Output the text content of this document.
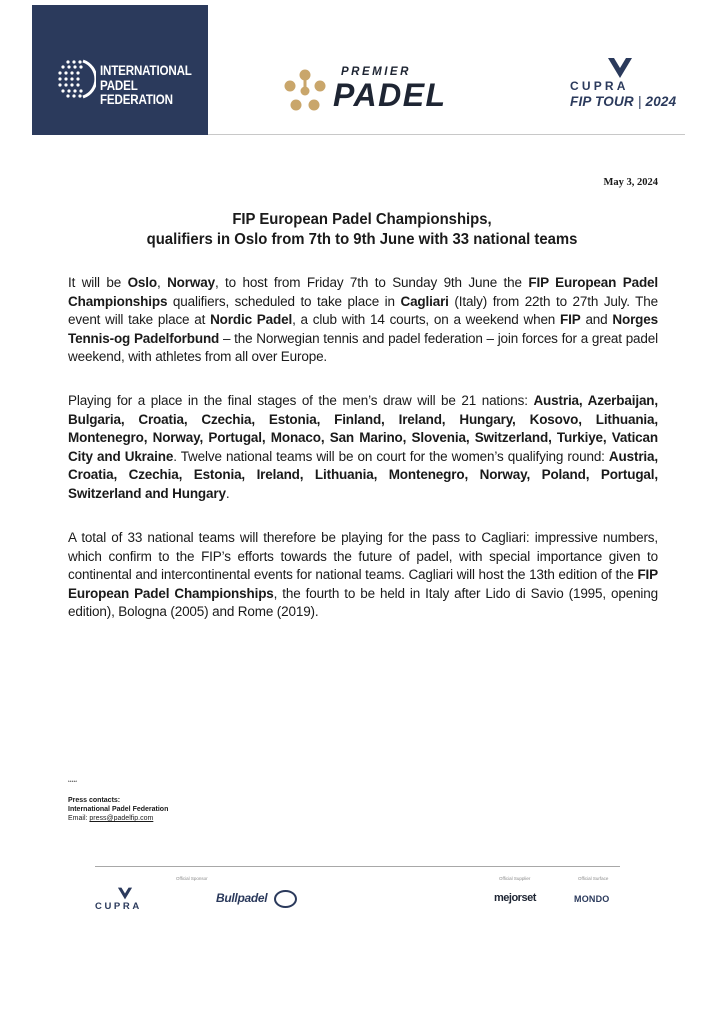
INTERNATIONAL
PADEL
FEDERATION
PREMIER
PADEL	CUPRA
FIP TOUR | 2024
May 3, 2024
FIP European Padel Championships,
qualifiers in Oslo from 7th to 9th June with 33 national teams

It will be Oslo, Norway, to host from Friday 7th to Sunday 9th June the FIP European Padel Championships qualifiers, scheduled to take place in Cagliari (Italy) from 22th to 27th July. The event will take place at Nordic Padel, a club with 14 courts, on a weekend when FIP and Norges Tennis-og Padelforbund – the Norwegian tennis and padel federation – join forces for a great padel weekend, with athletes from all over Europe.

Playing for a place in the final stages of the men’s draw will be 21 nations: Austria, Azerbaijan, Bulgaria, Croatia, Czechia, Estonia, Finland, Ireland, Hungary, Kosovo, Lithuania, Montenegro, Norway, Portugal, Monaco, San Marino, Slovenia, Switzerland, Turkiye, Vatican City and Ukraine. Twelve national teams will be on court for the women’s qualifying round: Austria, Croatia, Czechia, Estonia, Ireland, Lithuania, Montenegro, Norway, Poland, Portugal, Switzerland and Hungary.

A total of 33 national teams will therefore be playing for the pass to Cagliari: impressive numbers, which confirm to the FIP’s efforts towards the future of padel, with special importance given to continental and intercontinental events for national teams. Cagliari will host the 13th edition of the FIP European Padel Championships, the fourth to be held in Italy after Lido di Savio (1995, opening edition), Bologna (2005) and Rome (2019).

*****
Press contacts:
International Padel Federation
Email: press@padelfip.com
CUPRA
Official Sponsor
Bullpadel
Official Supplier
mejorset
Official Surface
MONDO
